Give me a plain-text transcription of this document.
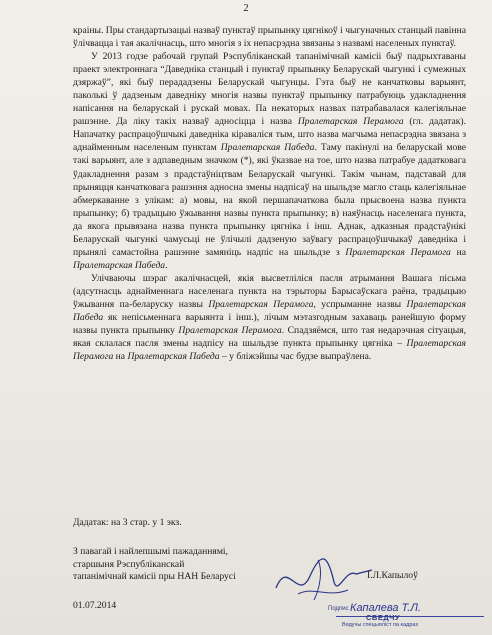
2

краіны. Пры стандартызацыі назваў пунктаў прыпынку цягнікоў і чыгуначных станцый павінна ўлічвацца і тая акалічнасць, што многія з іх непасрэдна звязаны з назвамі населеных пунктаў.

У 2013 годзе рабочай групай Рэспубліканскай тапанімічнай камісіі быў падрыхтаваны праект электроннага “Даведніка станцый і пунктаў прыпынку Беларускай чыгункі і сумежных дзяржаў”, які быў перададзены Беларускай чыгунцы. Гэта быў не канчатковы варыянт, паколькі ў дадзеным даведніку многія назвы пунктаў прыпынку патрабуюць удакладнення напісання на беларускай і рускай мовах. Па некаторых назвах патрабавалася калегіяльнае рашэнне. Да ліку такіх назваў адносіцца і назва Пралетарская Перамога (гл. дадатак). Напачатку распрацоўшчыкі даведніка кіраваліся тым, што назва магчыма непасрэдна звязана з аднайменным населеным пунктам Пралетарская Пабеда. Таму пакінулі на беларускай мове такі варыянт, але з адпаведным значком (*), які ўказвае на тое, што назва патрабуе дадатковага ўдакладнення разам з прадстаўніцтвам Беларускай чыгункі. Такім чынам, падставай для прыняцця канчатковага рашэння адносна змены надпісаў на шыльдзе магло стаць калегіяльнае абмеркаванне з улікам: а) мовы, на якой першапачаткова была прысвоена назва пункта прыпынку; б) традыцыю ўжывання назвы пункта прыпынку; в) наяўнасць населенага пункта, да якога прывязана назва пункта прыпынку цягніка і інш. Аднак, адказныя прадстаўнікі Беларускай чыгункі чамусьці не ўлічылі дадзеную заўвагу распрацоўшчыкаў даведніка і прынялі самастойна рашэнне замяніць надпіс на шыльдзе з Пралетарская Перамога на Пралетарская Пабеда.

Улічваючы шэраг акалічнасцей, якія высветліліся пасля атрымання Вашага пісьма (адсутнасць аднайменнага населенага пункта на тэрыторы Барысаўскага раёна, традыцыю ўжывання па-беларуску назвы Пралетарская Перамога, успрыманне назвы Пралетарская Пабеда як непісьменнага варыянта і інш.), лічым мэтазгодным захаваць ранейшую форму назвы пункта прыпынку Пралетарская Перамога. Спадзяёмся, што тая недарэчная сітуацыя, якая склалася пасля змены надпісу на шыльдзе пункта прыпынку цягніка – Пралетарская Перамога на Пралетарская Пабеда – у бліжэйшы час будзе выпраўлена.

Дадатак: на 3 стар. у 1 экз.
З павагай і найлепшымі пажаданнямі,
старшыня Рэспубліканскай
тапанімічнай камісіі пры НАН Беларусі	І.Л.Капылоў
01.07.2014	Подпис Капалева Т.Л.
СВЕДЧУ
Вядучы спецыяліст па кадрах
